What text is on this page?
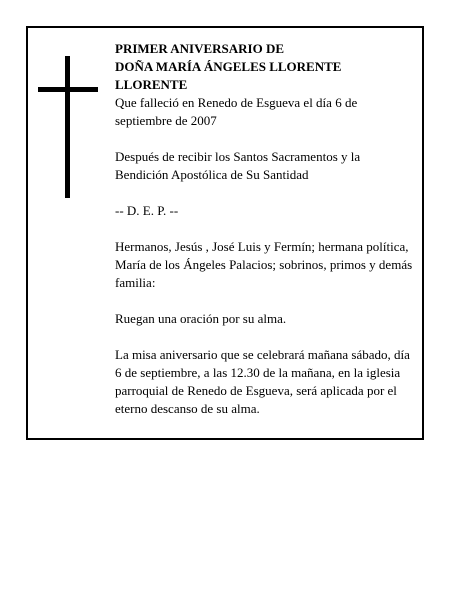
PRIMER ANIVERSARIO DE
DOÑA MARÍA ÁNGELES LLORENTE
LLORENTE

Que falleció en Renedo de Esgueva el día 6 de septiembre de 2007

Después de recibir los Santos Sacramentos y la Bendición Apostólica de Su Santidad

-- D. E. P. --

Hermanos, Jesús , José Luis y Fermín; hermana política, María de los Ángeles Palacios; sobrinos, primos y demás familia:

Ruegan una oración por su alma.

La misa aniversario que se celebrará mañana sábado, día 6 de septiembre, a las 12.30 de la mañana, en la iglesia parroquial de Renedo de Esgueva, será aplicada por el eterno descanso de su alma.
